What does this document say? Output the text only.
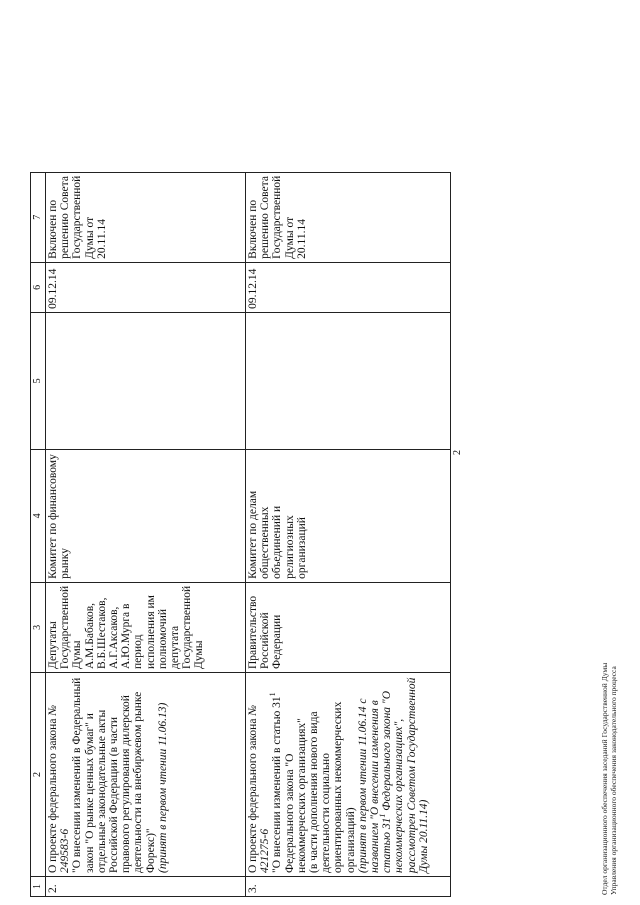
2
1	2	3	4	5	6	7
2.	О проекте федерального закона № 249583-6 "О внесении изменений в Федеральный закон "О рынке ценных бумаг" и отдельные законодательные акты Российской Федерации (в части правового регулирования дилерской деятельности на внебиржевом рынке Форекс)" (принят в первом чтении 11.06.13)	Депутаты Государственной Думы А.М.Бабаков, В.Б.Шестаков, А.Г.Аксаков, А.Ю.Мурга в период исполнения им полномочий депутата Государственной Думы	Комитет по финансовому рынку		09.12.14	Включен по решению Совета Государственной Думы от 20.11.14
3.	О проекте федерального закона № 421275-6 "О внесении изменений в статью $31^1$ Федерального закона "О некоммерческих организациях" (в части дополнения нового вида деятельности социально ориентированных некоммерческих организаций) (принят в первом чтении 11.06.14 с названием "О внесении изменения в статью $31^1$ Федерального закона "О некоммерческих организациях", рассмотрен Советом Государственной Думы 20.11.14)	Правительство Российской Федерации	Комитет по делам общественных объединений и религиозных организаций		09.12.14	Включен по решению Совета Государственной Думы от 20.11.14
Отдел организационного обеспечения заседаний Государственной Думы Управления организационного обеспечения законодательного процесса
